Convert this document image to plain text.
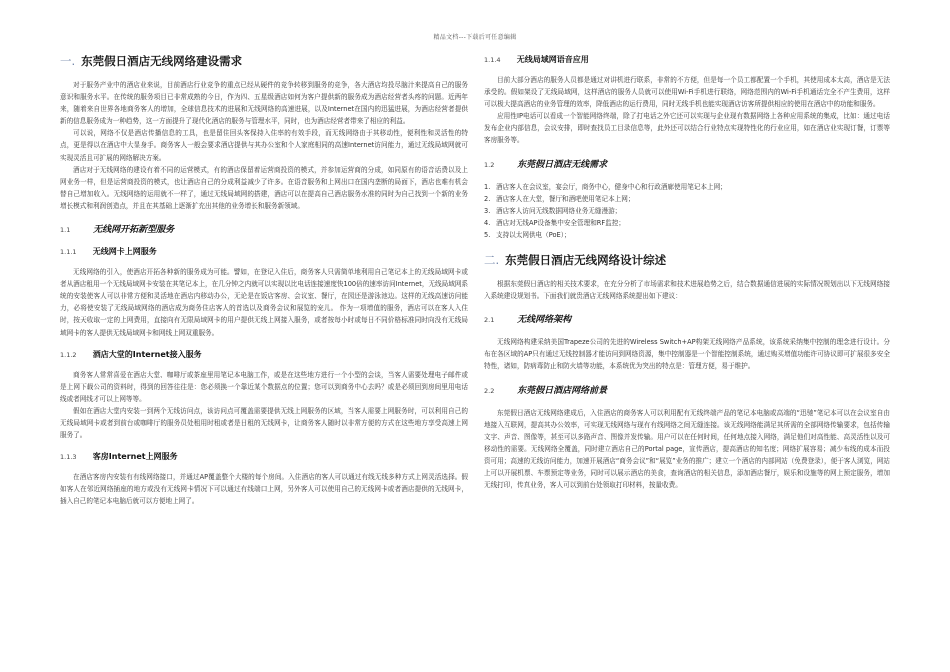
精品文档---下载后可任意编辑
一. 东莞假日酒店无线网络建设需求

对于服务产业中的酒店业来说，目前酒店行业竞争的重点已经从硬件的竞争转移到服务的竞争，各大酒店均投尽脑汁来提高自己的服务意识和服务水平。在传统的服务项目已非常成熟的今日，作为四、五星级酒店如何为客户提供新的服务成为酒店经营者头疼的问题。近两年来，随着来自世界各地商务客人的增加，全球信息技术的进展和无线网络的高速进展，以及Internet在国内的迅猛进展，为酒店经营者提供新的信息服务成为一种趋势，这一方面提升了现代化酒店的服务与管理水平，同时，也为酒店经营者带来了相应的利益。

可以说，网络不仅是酒店传播信息的工具，也是留住回头客保持入住率的有效手段，而无线网络由于其移动性，便利性和灵活性的特点，更是得以在酒店中大显身手。商务客人一般会要求酒店提供与其办公室和个人家庭相同的高速Internet访问能力，通过无线局域网就可实现灵活且可扩展的网络解决方案。

酒店对于无线网络的建设有着不同的运营模式，有的酒店保留着运营商投资的模式，并参加运营商的分成，如同原有的语音话费以及上网业务一样，但是运营商投资的模式，也让酒店自己的分成利益减少了许多。在语音服务和上网出口在国内垄断的局面下，酒店也难有机会替自己增加收入。无线网络的运用就不一样了，通过无线局域网的搭建，酒店可以在提高自己酒店服务水准的同时为自己找到一个新的业务增长模式和利润创造点，并且在其基础上逐渐扩充出其他的业务增长和服务新领域。

1.1	无线网开拓新型服务
1.1.1 无线网卡上网服务

无线网络的引入，使酒店开拓各种新的服务成为可能。譬如，在登记入住后，商务客人只需简单地利用自己笔记本上的无线局域网卡或者从酒店租用一个无线局域网卡安装在其笔记本上，在几分钟之内就可以实现以比电话连接速度快100倍的速率访问Internet，无线局域网系统的安装使客人可以非常方便和灵活地在酒店内移动办公，无论是在饭店客房、会议室、餐厅，在园还是游泳池边。这样的无线高速访问能力，必将使安装了无线局域网络的酒店成为商务住店客人的首选以及商务会议和展览的宠儿。 作为一项增值的服务，酒店可以在客人入住时，按天收取一定的上网费用，直接向有无限局域网卡的用户提供无线上网接入服务，或者按每小时或每日不同价格标准同时向没有无线局域网卡的客人提供无线局域网卡和网线上网双重服务。

1.1.2 酒店大堂的Internet接入服务

商务客人常常喜爱在酒店大堂、咖啡厅或茶座里用笔记本电脑工作，或是在这些地方进行一个小型的会谈，当客人需要处理电子邮件或是上网下载公司的资料时，得到的回答往往是：您必须换一个靠近某个数据点的位置；您可以到商务中心去吗？或是必须回到房间里用电话线或者网线才可以上网等等。

假如在酒店大堂内安装一到两个无线访问点，该访问点可覆盖需要提供无线上网服务的区域，当客人需要上网服务时，可以利用自己的无线局域网卡或者到前台或咖啡厅的服务员处租用时租或者是日租的无线网卡，让商务客人随时以非常方便的方式在这些地方享受高速上网服务了。

1.1.3 客房Internet上网服务

在酒店客房内安装有有线网络接口，并通过AP覆盖整个大楼的每个房间。入住酒店的客人可以通过有线无线多种方式上网灵活选择。假如客人在邻近网络插座的地方或没有无线网卡情况下可以通过有线端口上网，另外客人可以使用自己的无线网卡或者酒店提供的无线网卡，插入自己的笔记本电脑后就可以方便地上网了。

1.1.4 无线局域网语音应用

目前大部分酒店的服务人员都是通过对讲机进行联系，非常的不方便，但是每一个员工都配置一个手机，其使用成本太高，酒店是无法承受的。假如架设了无线局域网，这样酒店的服务人员就可以使用Wi-Fi手机进行联络，网络范围内的Wi-Fi手机通话完全不产生费用，这样可以极大提高酒店的业务管理的效率，降低酒店的运行费用，同时无线手机也能实现酒店访客所提供相应的使用在酒店中的功能和服务。

应用性IP电话可以看成一个智能网络终端，除了打电话之外它还可以实现与企业现有数据网络上各种应用系统的集成，比如：通过电话发布企业内部信息，会议安排，即时查找员工目录信息等，此外还可以结合行业特点实现特性化的行业应用，如在酒店业实现订餐，订票等客房服务等。

1.2	东莞假日酒店无线需求
1. 酒店客人在会议室，宴会厅，商务中心，健身中心和行政酒廊使用笔记本上网；
2. 酒店客人在大堂，餐厅和酒吧使用笔记本上网；
3. 酒店客人访问无线数据网络业务无缝漫游；
4. 酒店对无线AP设备集中安全管理和RF监控；
5. 支持以太网供电（PoE）；
二. 东莞假日酒店无线网络设计综述

根据东莞假日酒店的相关技术要求，在充分分析了市场需求和技术进展趋势之后，结合数据通信进展的实际情况规划出以下无线网络接入系统建设规划书。下面我们就贵酒店无线网络系统提出如下建议：

2.1	无线网络架构

无线网络构建采纳美国Trapeze公司的先进的Wireless Switch+AP构架无线网络产品系统，该系统采纳集中控制的理念进行设计。分布在各区域的AP只有通过无线控制器才能访问到网络资源，集中控制器是一个智能控制系统，通过购买增值功能许可协议即可扩展很多安全特性，诸如，防病毒防止和防火墙等功能，本系统优为突出的特点是：管理方便，易于维护。

2.2	东莞假日酒店网络前景

东莞假日酒店无线网络建成后，入住酒店的商务客人可以利用配有无线终端产品的笔记本电脑或高端的“迅驰”笔记本可以在会议室自由地接入互联网，提高其办公效率，可实现无线网络与现有有线网络之间无缝连接。该无线网络能满足其所需的全部网络传输要求，包括传输文字、声音、图像等，甚至可以多路声音、图像并发传输。用户可以在任何时间，任何地点接入网络，满足他们对高性能、高灵活性以及可移动性的需要。无线网络全覆盖，同时建立酒店自己的Portal page，宣传酒店，提高酒店的知名度；网络扩展容易；减少布线的成本而投资可用；高速的无线访问能力，加速开展酒店“商务会议”和“展览”业务的推广；建立一个酒店的内部网站（免费登录），便于客人浏览，网站上可以开展机票、车票预定等业务，同时可以展示酒店的美食，查询酒店的相关信息，添加酒店餐厅，娱乐和设施等的网上预定服务，增加无线打印，传真业务，客人可以到前台处领取打印材料，按量收费。
